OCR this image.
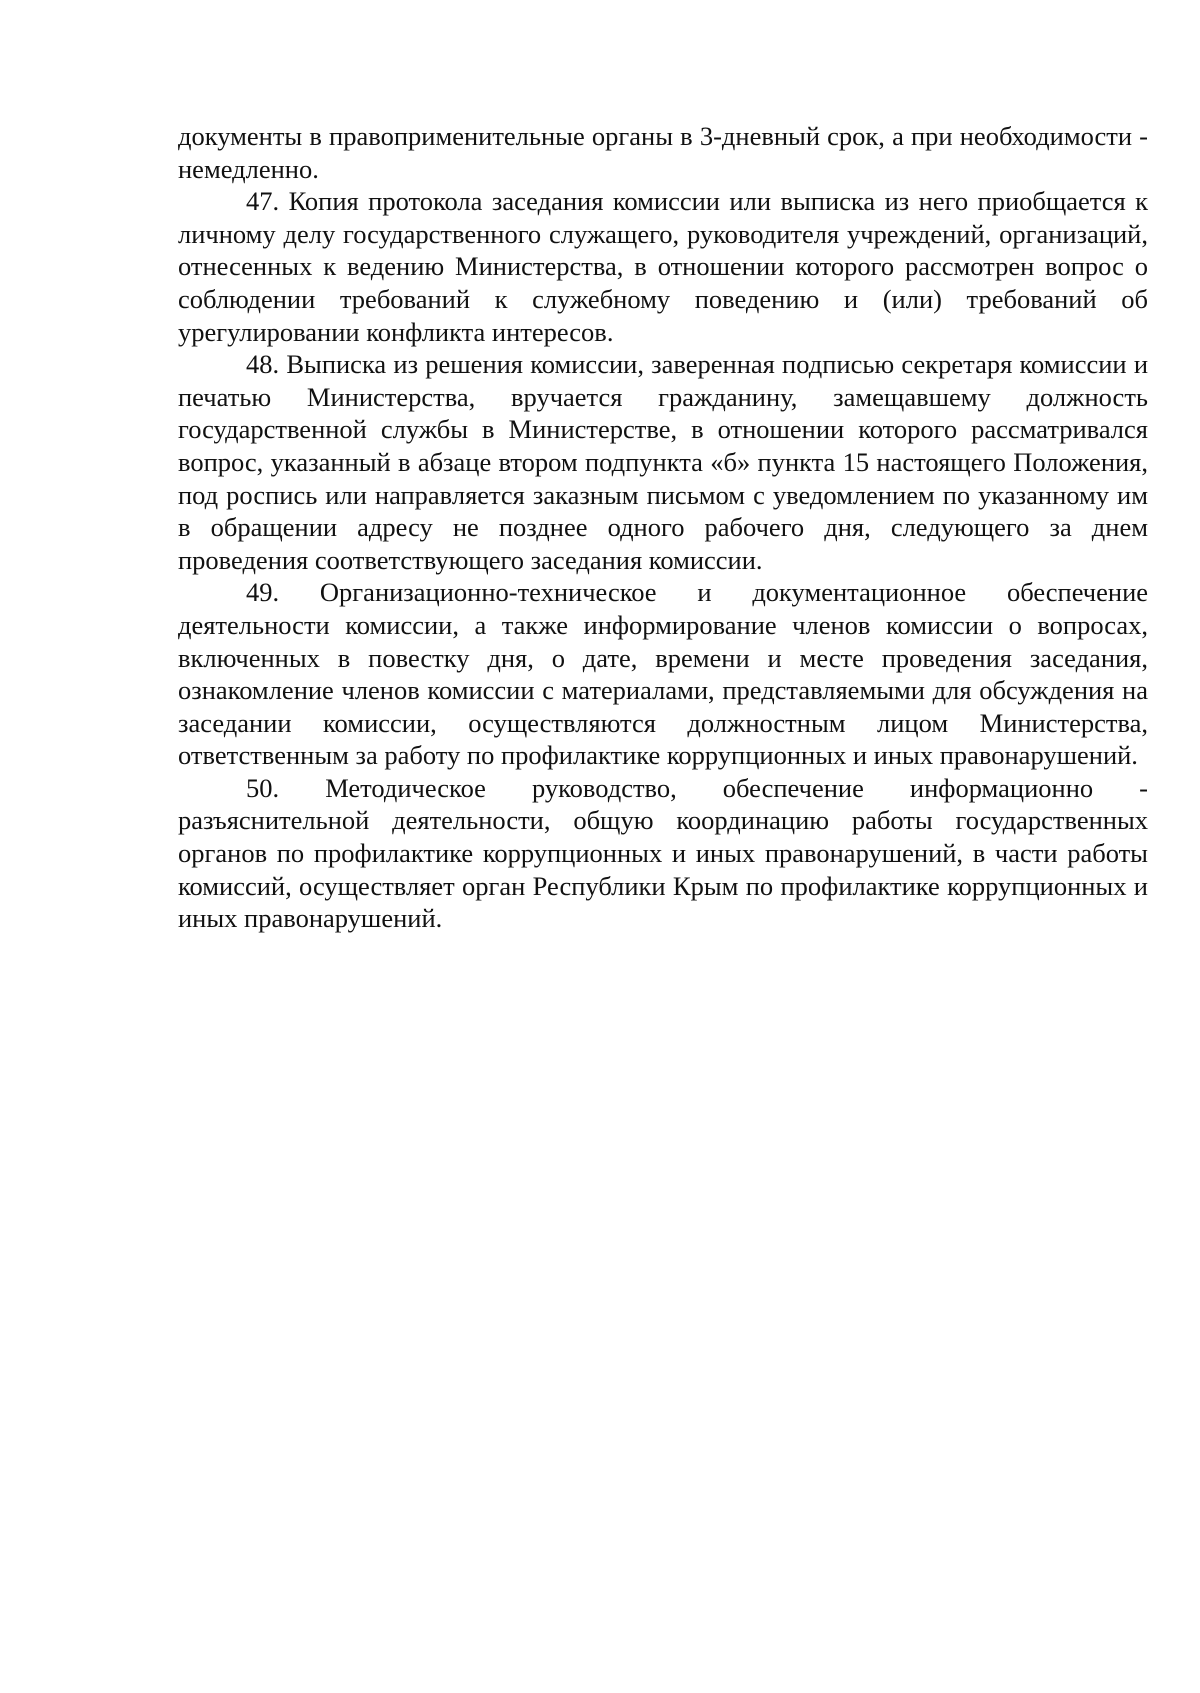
документы в правоприменительные органы в 3-дневный срок, а при необходимости - немедленно.

47. Копия протокола заседания комиссии или выписка из него приобщается к личному делу государственного служащего, руководителя учреждений, организаций, отнесенных к ведению Министерства, в отношении которого рассмотрен вопрос о соблюдении требований к служебному поведению и (или) требований об урегулировании конфликта интересов.

48. Выписка из решения комиссии, заверенная подписью секретаря комиссии и печатью Министерства, вручается гражданину, замещавшему должность государственной службы в Министерстве, в отношении которого рассматривался вопрос, указанный в абзаце втором подпункта «б» пункта 15 настоящего Положения, под роспись или направляется заказным письмом с уведомлением по указанному им в обращении адресу не позднее одного рабочего дня, следующего за днем проведения соответствующего заседания комиссии.

49. Организационно-техническое и документационное обеспечение деятельности комиссии, а также информирование членов комиссии о вопросах, включенных в повестку дня, о дате, времени и месте проведения заседания, ознакомление членов комиссии с материалами, представляемыми для обсуждения на заседании комиссии, осуществляются должностным лицом Министерства, ответственным за работу по профилактике коррупционных и иных правонарушений.

50. Методическое руководство, обеспечение информационно - разъяснительной деятельности, общую координацию работы государственных органов по профилактике коррупционных и иных правонарушений, в части работы комиссий, осуществляет орган Республики Крым по профилактике коррупционных и иных правонарушений.
